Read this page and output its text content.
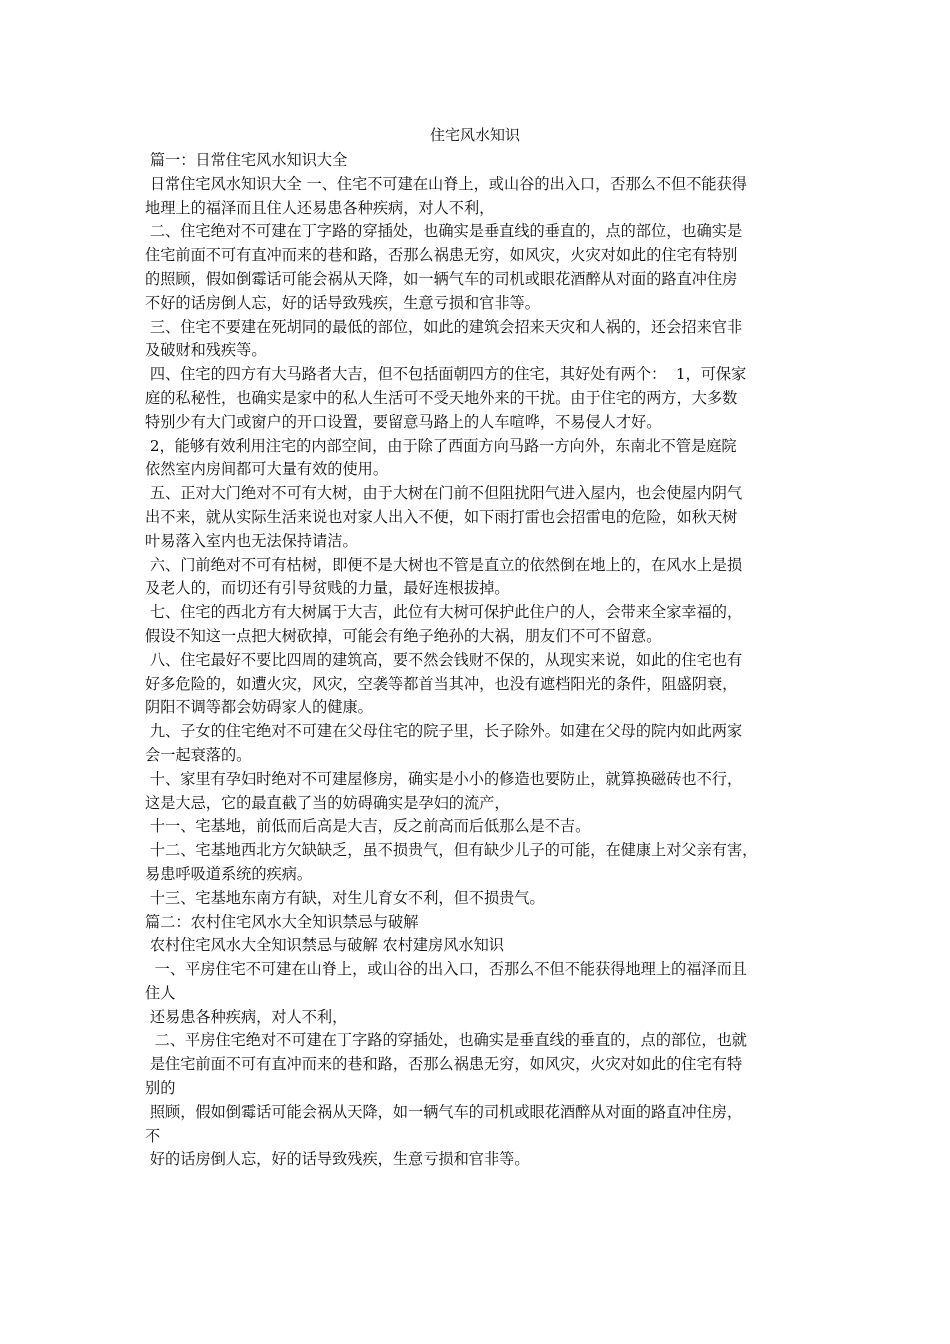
住宅风水知识
篇一：日常住宅风水知识大全
日常住宅风水知识大全 一、住宅不可建在山脊上，或山谷的出入口，否那么不但不能获得
地理上的福泽而且住人还易患各种疾病，对人不利，
二、住宅绝对不可建在丁字路的穿插处，也确实是垂直线的垂直的，点的部位，也确实是
住宅前面不可有直冲而来的巷和路，否那么祸患无穷，如风灾，火灾对如此的住宅有特别
的照顾，假如倒霉话可能会祸从天降，如一辆气车的司机或眼花酒醉从对面的路直冲住房
不好的话房倒人忘，好的话导致残疾，生意亏损和官非等。
三、住宅不要建在死胡同的最低的部位，如此的建筑会招来天灾和人祸的，还会招来官非
及破财和残疾等。
四、住宅的四方有大马路者大吉，但不包括面朝四方的住宅，其好处有两个：  1，可保家
庭的私秘性，也确实是家中的私人生活可不受天地外来的干扰。由于住宅的两方，大多数
特别少有大门或窗户的开口设置，要留意马路上的人车喧哗，不易侵人才好。
2，能够有效利用注宅的内部空间，由于除了西面方向马路一方向外，东南北不管是庭院
依然室内房间都可大量有效的使用。
五、正对大门绝对不可有大树，由于大树在门前不但阻扰阳气进入屋内，也会使屋内阴气
出不来，就从实际生活来说也对家人出入不便，如下雨打雷也会招雷电的危险，如秋天树
叶易落入室内也无法保持请洁。
六、门前绝对不可有枯树，即便不是大树也不管是直立的依然倒在地上的，在风水上是损
及老人的，而切还有引导贫贱的力量，最好连根拔掉。
七、住宅的西北方有大树属于大吉，此位有大树可保护此住户的人，会带来全家幸福的，
假设不知这一点把大树砍掉，可能会有绝子绝孙的大祸，朋友们不可不留意。
八、住宅最好不要比四周的建筑高，要不然会钱财不保的，从现实来说，如此的住宅也有
好多危险的，如遭火灾，风灾，空袭等都首当其冲，也没有遮档阳光的条件，阻盛阴衰，
阴阳不调等都会妨碍家人的健康。
九、子女的住宅绝对不可建在父母住宅的院子里，长子除外。如建在父母的院内如此两家
会一起衰落的。
十、家里有孕妇时绝对不可建屋修房，确实是小小的修造也要防止，就算换磁砖也不行，
这是大忌，它的最直截了当的妨碍确实是孕妇的流产，
十一、宅基地，前低而后高是大吉，反之前高而后低那么是不吉。
十二、宅基地西北方欠缺缺乏，虽不损贵气，但有缺少儿子的可能，在健康上对父亲有害，
易患呼吸道系统的疾病。
十三、宅基地东南方有缺，对生儿育女不利，但不损贵气。
篇二：农村住宅风水大全知识禁忌与破解
农村住宅风水大全知识禁忌与破解 农村建房风水知识
一、平房住宅不可建在山脊上，或山谷的出入口，否那么不但不能获得地理上的福泽而且
住人
还易患各种疾病，对人不利，
二、平房住宅绝对不可建在丁字路的穿插处，也确实是垂直线的垂直的，点的部位，也就
是住宅前面不可有直冲而来的巷和路，否那么祸患无穷，如风灾，火灾对如此的住宅有特
别的
照顾，假如倒霉话可能会祸从天降，如一辆气车的司机或眼花酒醉从对面的路直冲住房，
不
好的话房倒人忘，好的话导致残疾，生意亏损和官非等。
